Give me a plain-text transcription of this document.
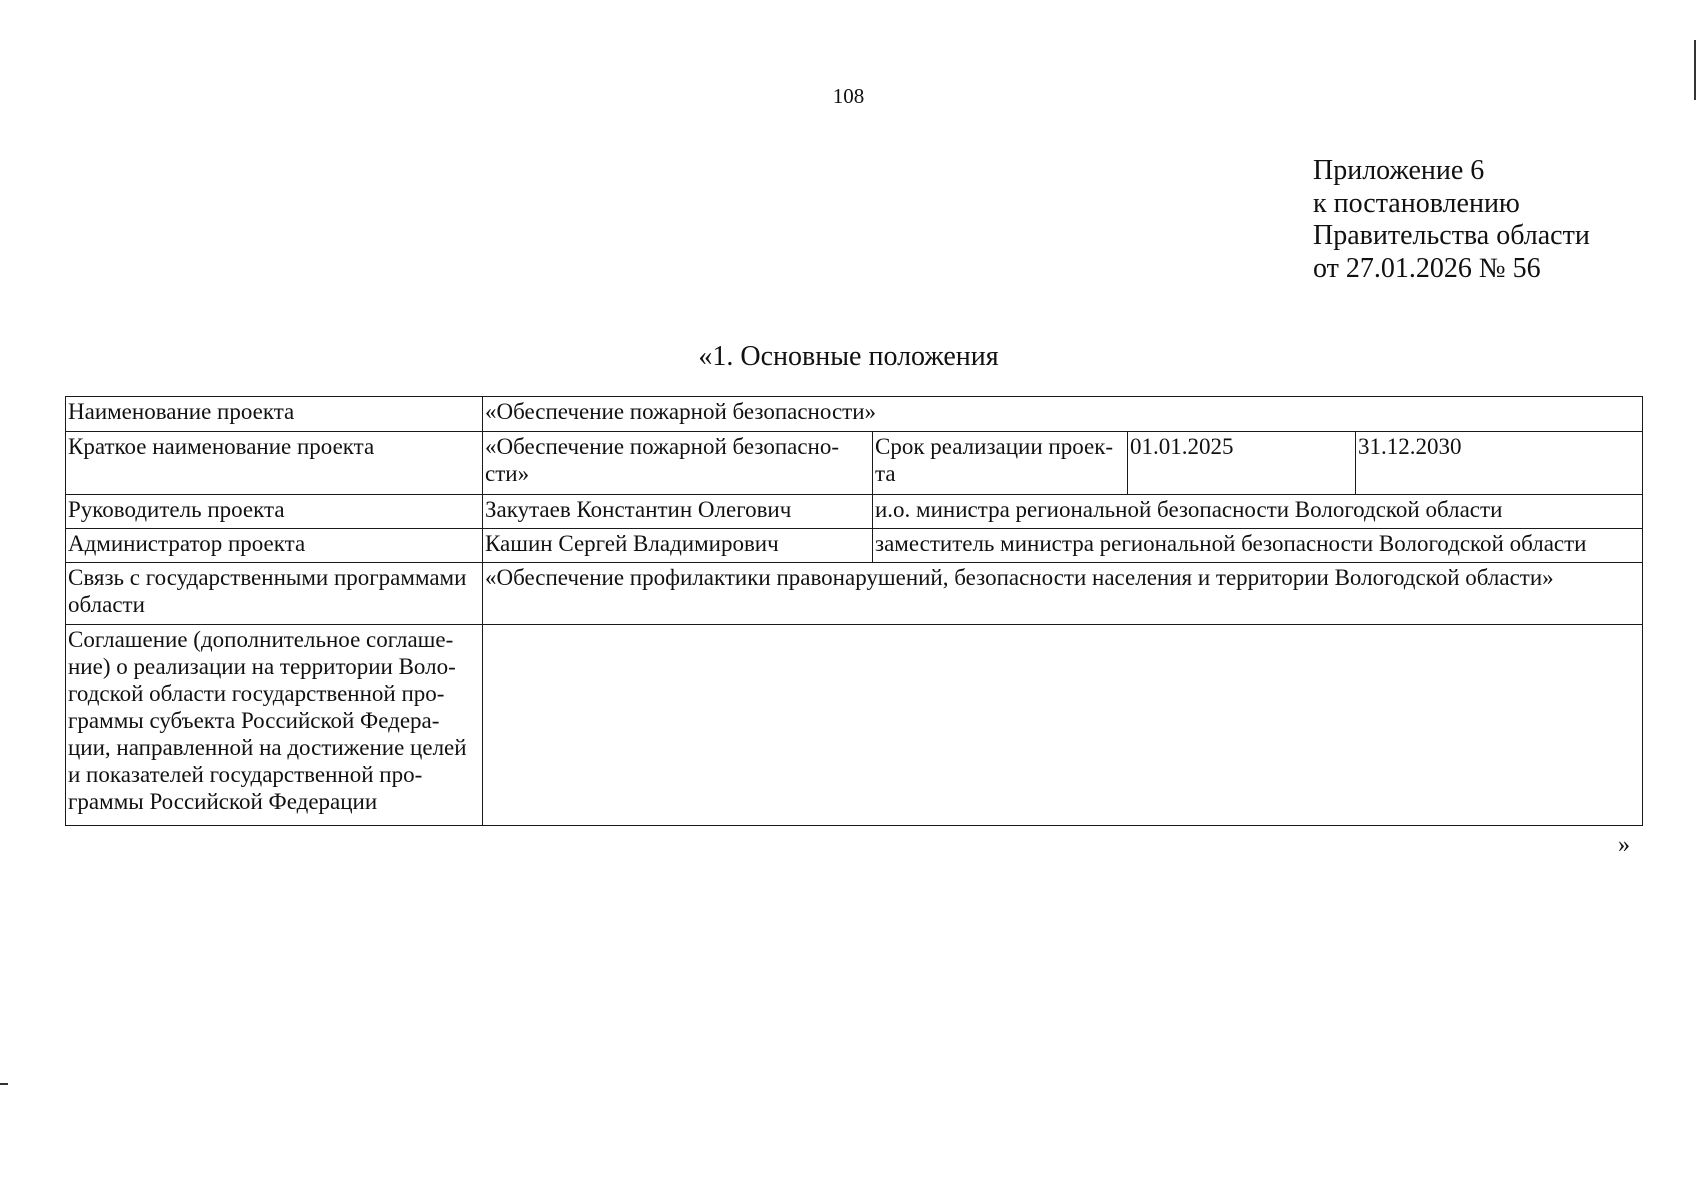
108
Приложение 6
к постановлению
Правительства области
от 27.01.2026 № 56
«1. Основные положения
Наименование проекта	«Обеспечение пожарной безопасности»			
Краткое наименование проекта	«Обеспечение пожарной безопасно-сти»	Срок реализации проек-та	01.01.2025	31.12.2030
Руководитель проекта	Закутаев Константин Олегович	и.о. министра региональной безопасности Вологодской области		
Администратор проекта	Кашин Сергей Владимирович	заместитель министра региональной безопасности Вологодской области		
Связь с государственными программами области	«Обеспечение профилактики правонарушений, безопасности населения и территории Вологодской области»			
Соглашение (дополнительное соглаше-ние) о реализации на территории Воло-годской области государственной про-граммы субъекта Российской Федера-ции, направленной на достижение целей и показателей государственной про-граммы Российской Федерации				
»
